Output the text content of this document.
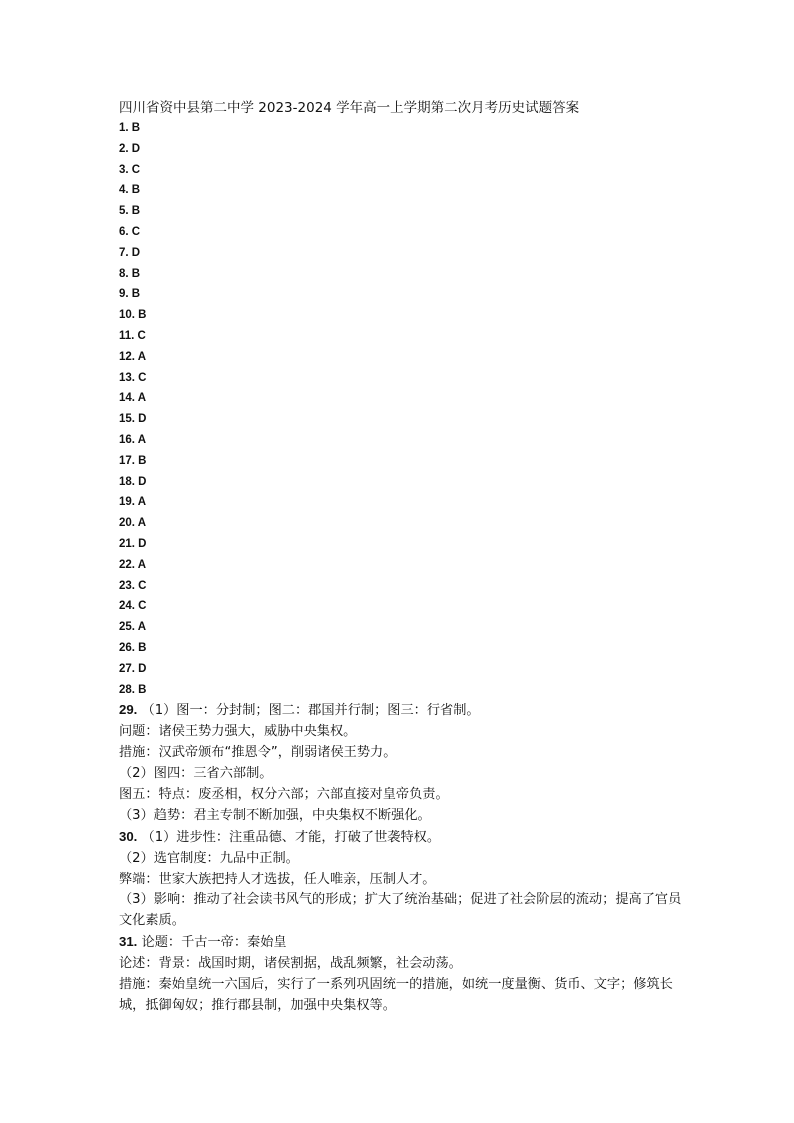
四川省资中县第二中学 2023-2024 学年高一上学期第二次月考历史试题答案
1. B
2. D
3. C
4. B
5. B
6. C
7. D
8. B
9. B
10. B
11. C
12. A
13. C
14. A
15. D
16. A
17. B
18. D
19. A
20. A
21. D
22. A
23. C
24. C
25. A
26. B
27. D
28. B
29. （1）图一：分封制；图二：郡国并行制；图三：行省制。
问题：诸侯王势力强大，威胁中央集权。
措施：汉武帝颁布“推恩令”，削弱诸侯王势力。
（2）图四：三省六部制。
图五：特点：废丞相，权分六部；六部直接对皇帝负责。
（3）趋势：君主专制不断加强，中央集权不断强化。
30. （1）进步性：注重品德、才能，打破了世袭特权。
（2）选官制度：九品中正制。
弊端：世家大族把持人才选拔，任人唯亲，压制人才。
（3）影响：推动了社会读书风气的形成；扩大了统治基础；促进了社会阶层的流动；提高了官员文化素质。
31. 论题：千古一帝：秦始皇
论述：背景：战国时期，诸侯割据，战乱频繁，社会动荡。
措施：秦始皇统一六国后，实行了一系列巩固统一的措施，如统一度量衡、货币、文字；修筑长城，抵御匈奴；推行郡县制，加强中央集权等。
